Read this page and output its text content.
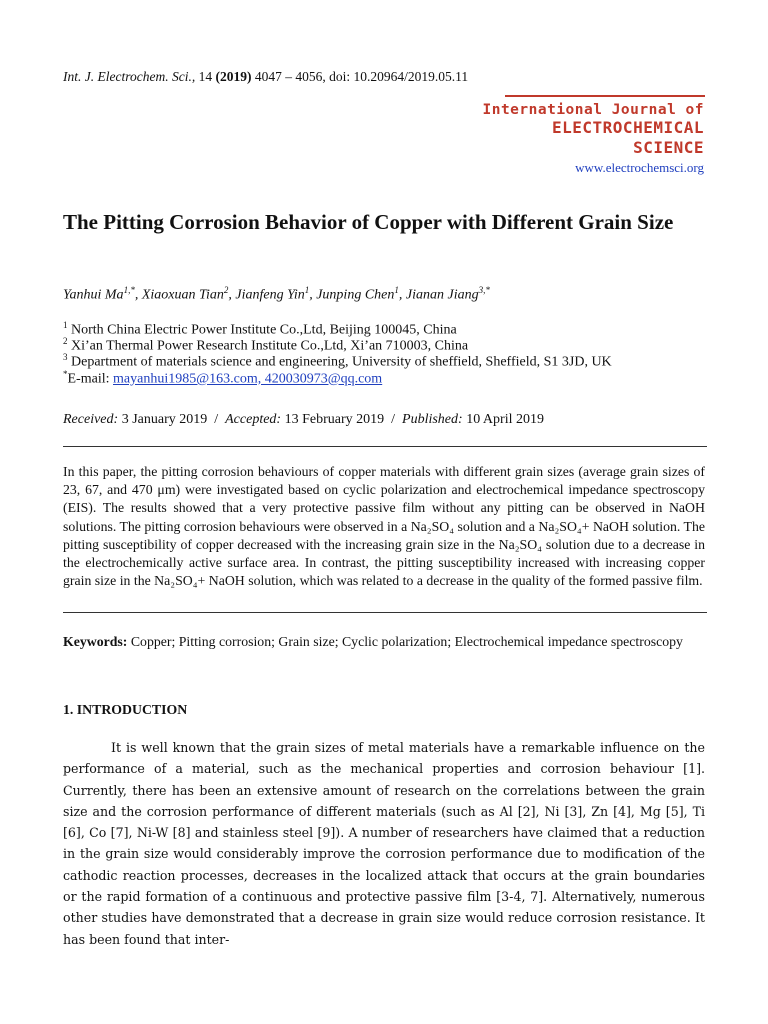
Int. J. Electrochem. Sci., 14 (2019) 4047 – 4056, doi: 10.20964/2019.05.11
International Journal of
ELECTROCHEMICAL
SCIENCE
www.electrochemsci.org
The Pitting Corrosion Behavior of Copper with Different Grain Size
Yanhui $Ma^{1,*}$, Xiaoxuan Tian$^2$, Jianfeng Yin$^1$, Junping Chen$^1$, Jianan Jiang$^{3,*}$
$^1$ North China Electric Power Institute Co.,Ltd, Beijing 100045, China
$^2$ Xi’an Thermal Power Research Institute Co.,Ltd, Xi’an 710003, China
$^3$ Department of materials science and engineering, University of sheffield, Sheffield, S1 3JD, UK
*E-mail: mayanhui1985@163.com, 420030973@qq.com
Received: 3 January 2019 / Accepted: 13 February 2019 / Published: 10 April 2019
In this paper, the pitting corrosion behaviours of copper materials with different grain sizes (average grain sizes of 23, 67, and 470 μm) were investigated based on cyclic polarization and electrochemical impedance spectroscopy (EIS). The results showed that a very protective passive film without any pitting can be observed in NaOH solutions. The pitting corrosion behaviours were observed in a Na₂SO₄ solution and a Na₂SO₄+ NaOH solution. The pitting susceptibility of copper decreased with the increasing grain size in the Na₂SO₄ solution due to a decrease in the electrochemically active surface area. In contrast, the pitting susceptibility increased with increasing copper grain size in the Na₂SO₄+ NaOH solution, which was related to a decrease in the quality of the formed passive film.
Keywords: Copper; Pitting corrosion; Grain size; Cyclic polarization; Electrochemical impedance spectroscopy
1. INTRODUCTION
It is well known that the grain sizes of metal materials have a remarkable influence on the performance of a material, such as the mechanical properties and corrosion behaviour [1]. Currently, there has been an extensive amount of research on the correlations between the grain size and the corrosion performance of different materials (such as Al [2], Ni [3], Zn [4], Mg [5], Ti [6], Co [7], Ni-W [8] and stainless steel [9]). A number of researchers have claimed that a reduction in the grain size would considerably improve the corrosion performance due to modification of the cathodic reaction processes, decreases in the localized attack that occurs at the grain boundaries or the rapid formation of a continuous and protective passive film [3-4, 7]. Alternatively, numerous other studies have demonstrated that a decrease in grain size would reduce corrosion resistance. It has been found that inter-
